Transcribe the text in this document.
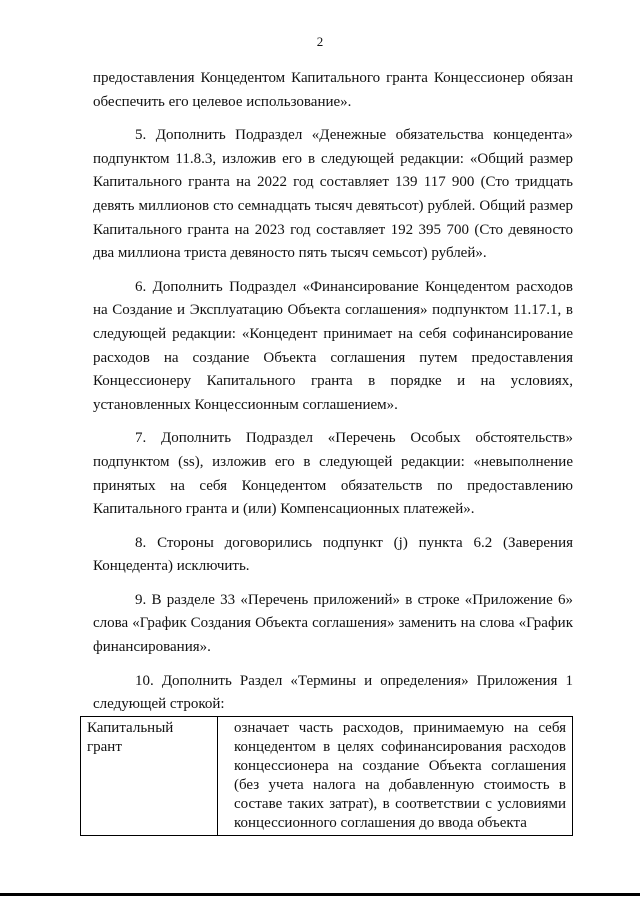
2

предоставления Концедентом Капитального гранта Концессионер обязан обеспечить его целевое использование».

5. Дополнить Подраздел «Денежные обязательства концедента» подпунктом 11.8.3, изложив его в следующей редакции: «Общий размер Капитального гранта на 2022 год составляет 139 117 900 (Сто тридцать девять миллионов сто семнадцать тысяч девятьсот) рублей. Общий размер Капитального гранта на 2023 год составляет 192 395 700 (Сто девяносто два миллиона триста девяносто пять тысяч семьсот) рублей».

6. Дополнить Подраздел «Финансирование Концедентом расходов на Создание и Эксплуатацию Объекта соглашения» подпунктом 11.17.1, в следующей редакции: «Концедент принимает на себя софинансирование расходов на создание Объекта соглашения путем предоставления Концессионеру Капитального гранта в порядке и на условиях, установленных Концессионным соглашением».

7. Дополнить Подраздел «Перечень Особых обстоятельств» подпунктом (ss), изложив его в следующей редакции: «невыполнение принятых на себя Концедентом обязательств по предоставлению Капитального гранта и (или) Компенсационных платежей».

8. Стороны договорились подпункт (j) пункта 6.2 (Заверения Концедента) исключить.

9. В разделе 33 «Перечень приложений» в строке «Приложение 6» слова «График Создания Объекта соглашения» заменить на слова «График финансирования».

10. Дополнить Раздел «Термины и определения» Приложения 1 следующей строкой:

Капитальный грант	означает часть расходов, принимаемую на себя концедентом в целях софинансирования расходов концессионера на создание Объекта соглашения (без учета налога на добавленную стоимость в составе таких затрат), в соответствии с условиями концессионного соглашения до ввода объекта
